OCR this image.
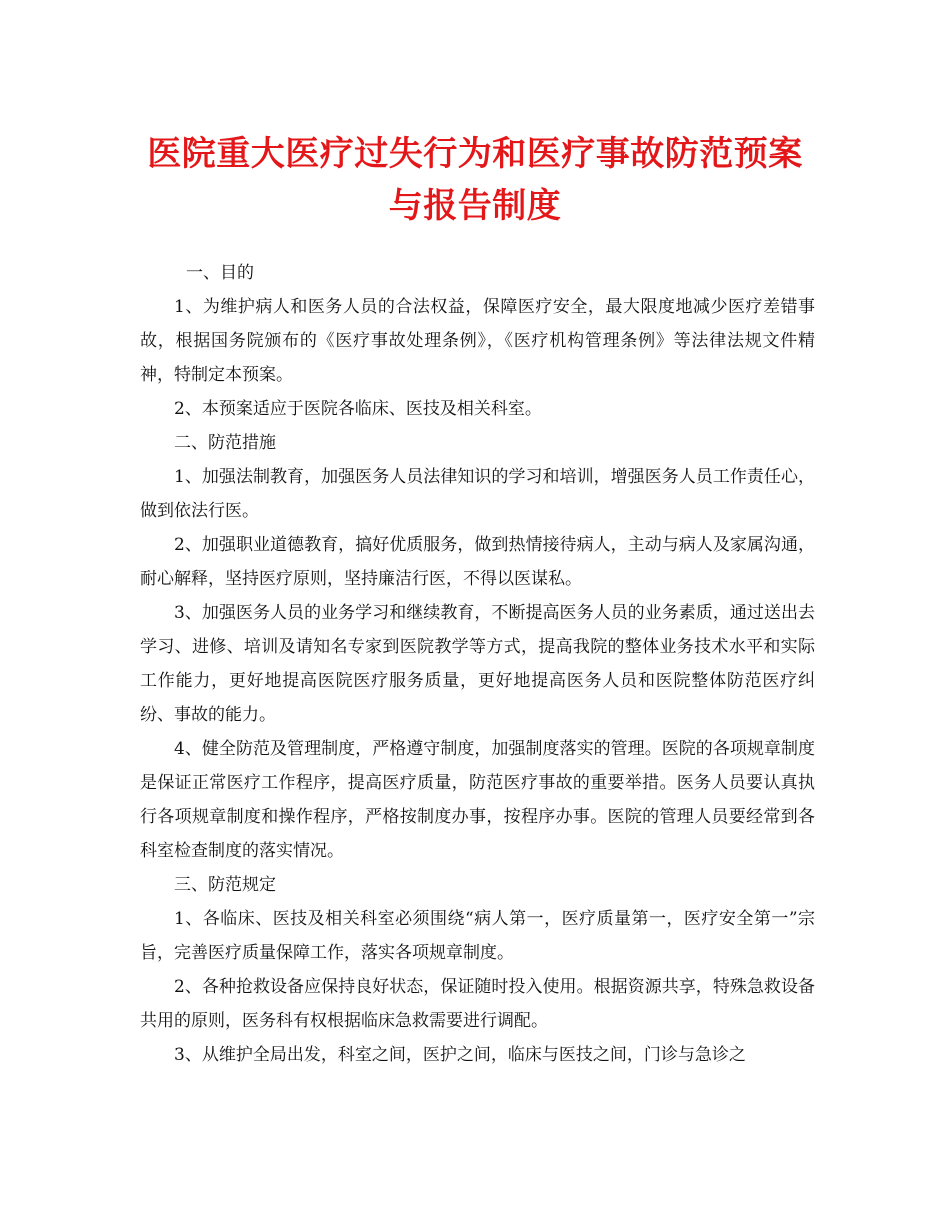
医院重大医疗过失行为和医疗事故防范预案
与报告制度

一、目的

1、为维护病人和医务人员的合法权益，保障医疗安全，最大限度地减少医疗差错事故，根据国务院颁布的《医疗事故处理条例》，《医疗机构管理条例》等法律法规文件精神，特制定本预案。

2、本预案适应于医院各临床、医技及相关科室。

二、防范措施

1、加强法制教育，加强医务人员法律知识的学习和培训，增强医务人员工作责任心，做到依法行医。

2、加强职业道德教育，搞好优质服务，做到热情接待病人，主动与病人及家属沟通，耐心解释，坚持医疗原则，坚持廉洁行医，不得以医谋私。

3、加强医务人员的业务学习和继续教育，不断提高医务人员的业务素质，通过送出去学习、进修、培训及请知名专家到医院教学等方式，提高我院的整体业务技术水平和实际工作能力，更好地提高医院医疗服务质量，更好地提高医务人员和医院整体防范医疗纠纷、事故的能力。

4、健全防范及管理制度，严格遵守制度，加强制度落实的管理。医院的各项规章制度是保证正常医疗工作程序，提高医疗质量，防范医疗事故的重要举措。医务人员要认真执行各项规章制度和操作程序，严格按制度办事，按程序办事。医院的管理人员要经常到各科室检查制度的落实情况。

三、防范规定

1、各临床、医技及相关科室必须围绕“病人第一，医疗质量第一，医疗安全第一”宗旨，完善医疗质量保障工作，落实各项规章制度。

2、各种抢救设备应保持良好状态，保证随时投入使用。根据资源共享，特殊急救设备共用的原则，医务科有权根据临床急救需要进行调配。

3、从维护全局出发，科室之间，医护之间，临床与医技之间，门诊与急诊之
